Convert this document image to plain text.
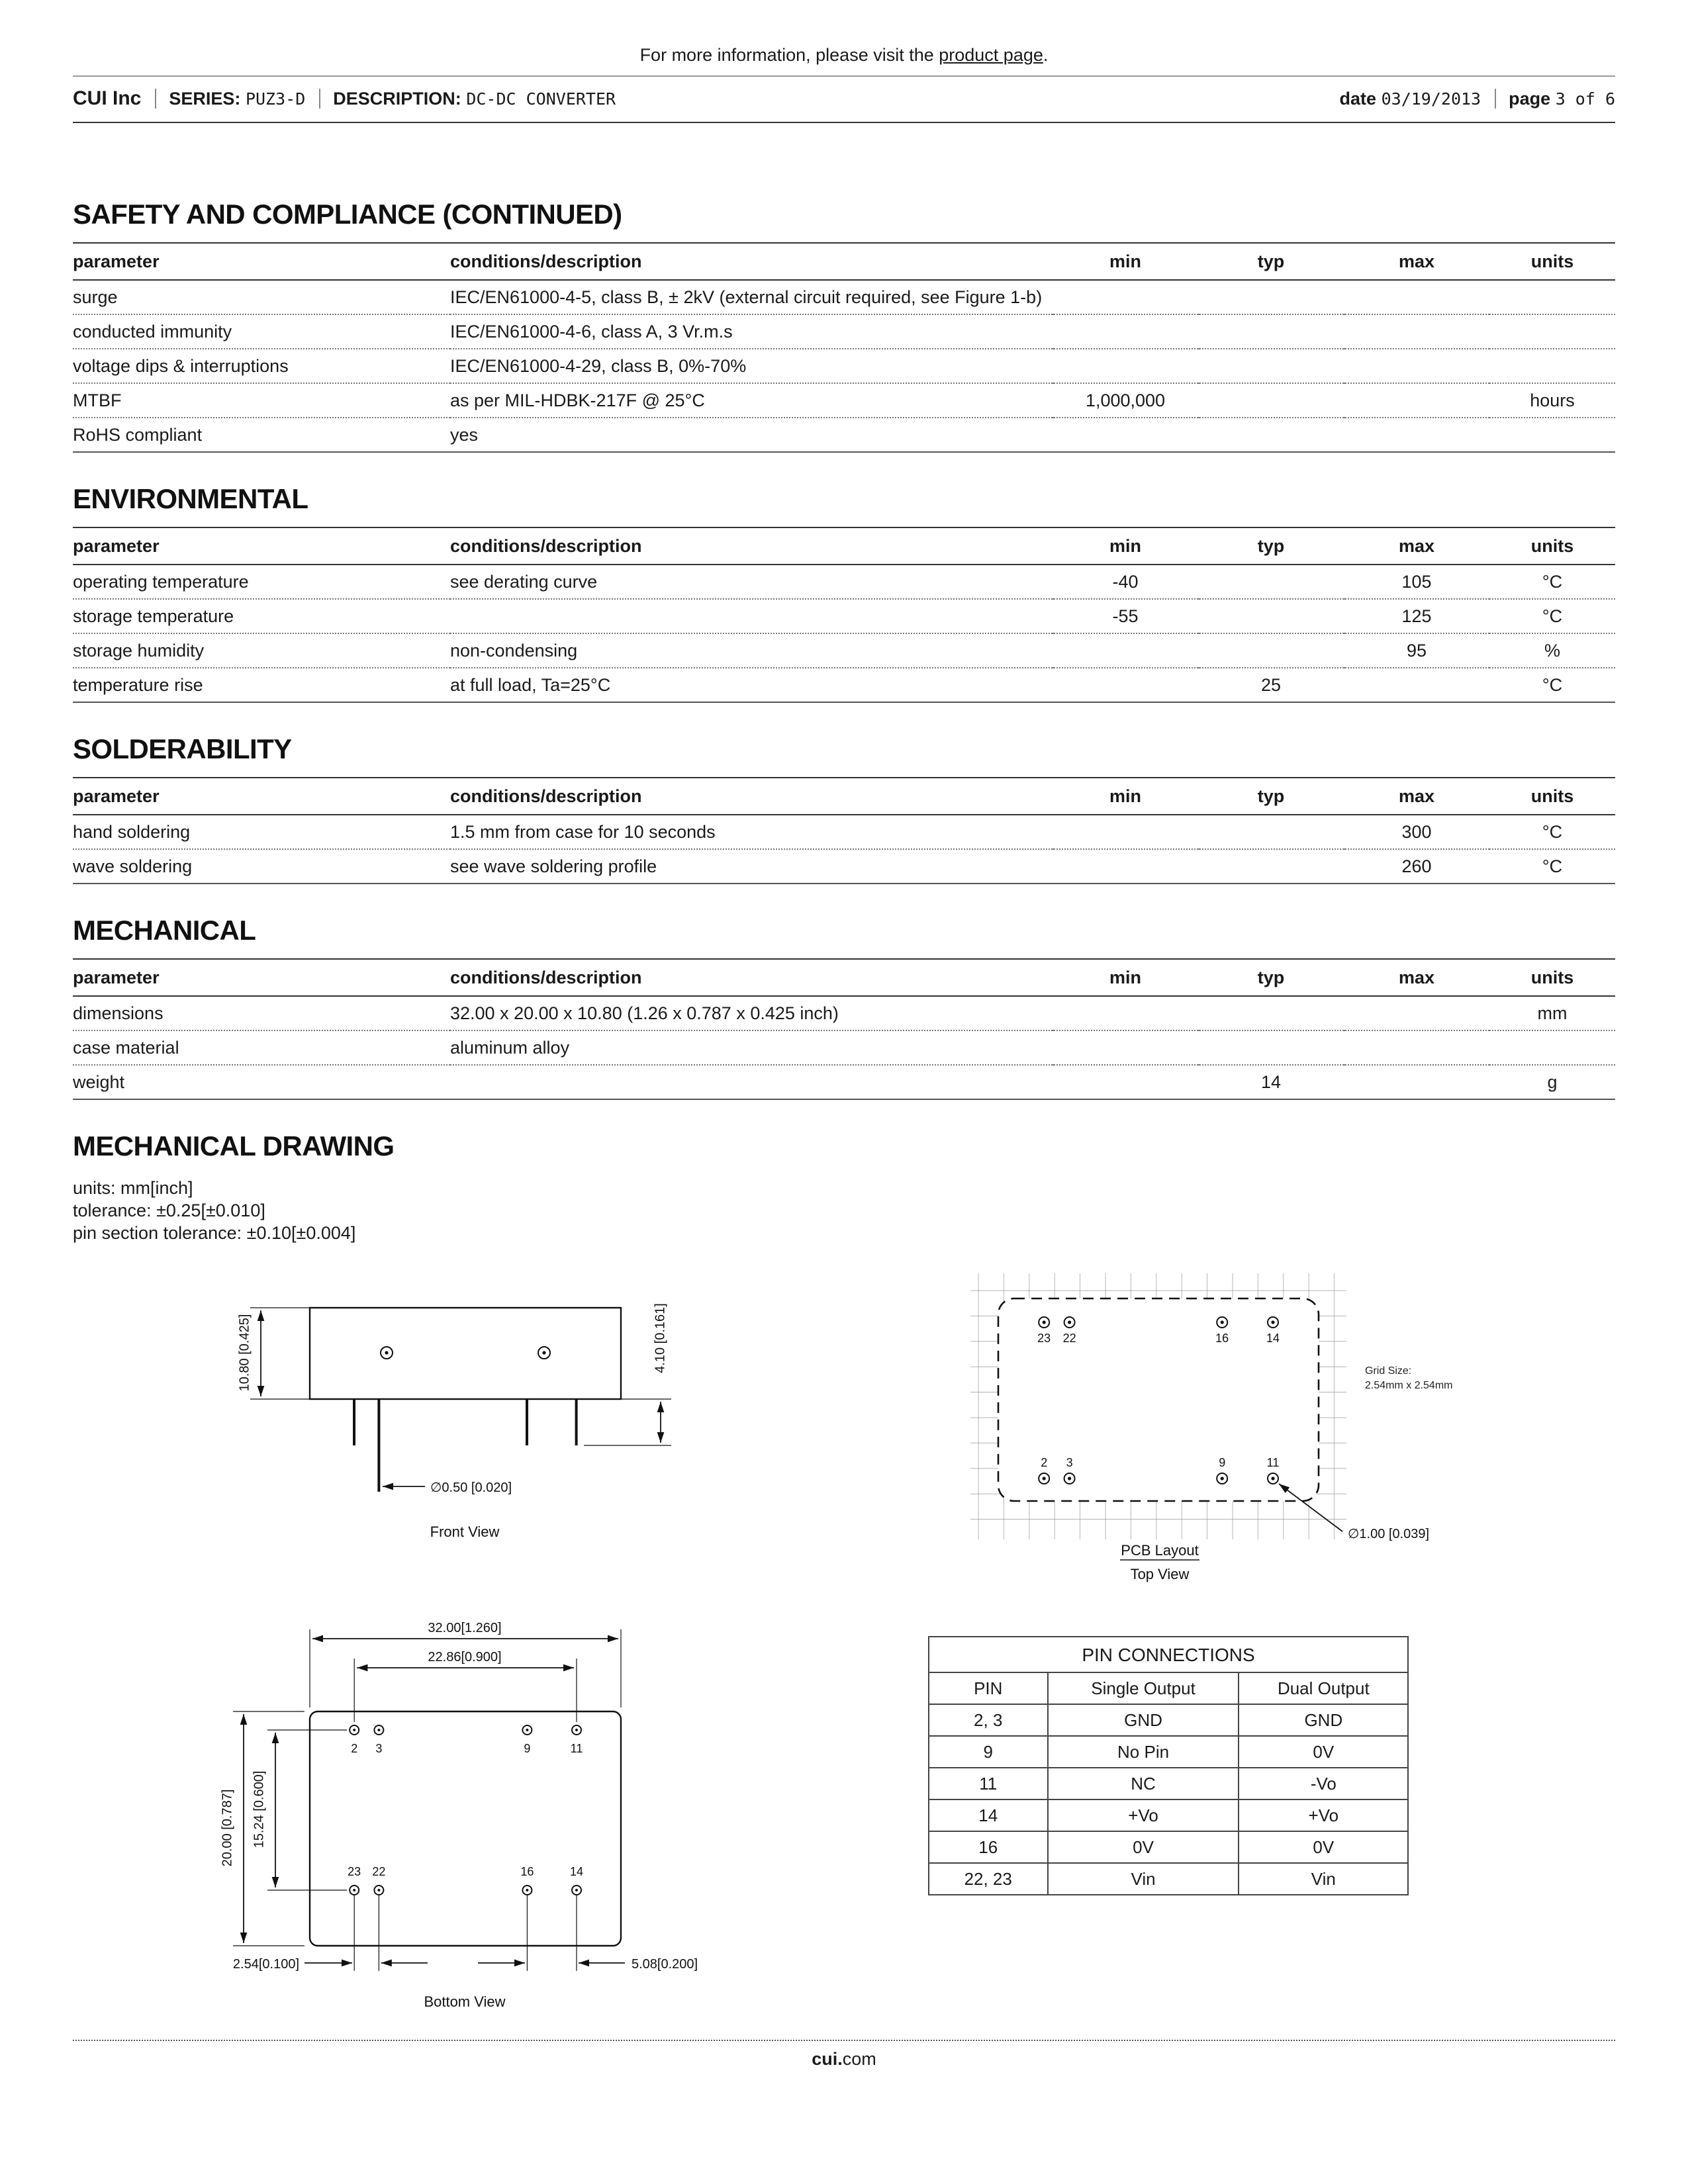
For more information, please visit the product page.
CUI Inc	SERIES: PUZ3-D	DESCRIPTION: DC-DC CONVERTER	date 03/19/2013	page 3 of 6
SAFETY AND COMPLIANCE (CONTINUED)
parameter	conditions/description	min	typ	max	units
surge	IEC/EN61000-4-5, class B, ± 2kV (external circuit required, see Figure 1-b)				
conducted immunity	IEC/EN61000-4-6, class A, 3 Vr.m.s				
voltage dips & interruptions	IEC/EN61000-4-29, class B, 0%-70%				
MTBF	as per MIL-HDBK-217F @ 25°C	1,000,000			hours
RoHS compliant	yes				
ENVIRONMENTAL
parameter	conditions/description	min	typ	max	units
operating temperature	see derating curve	-40		105	°C
storage temperature		-55		125	°C
storage humidity	non-condensing			95	%
temperature rise	at full load, Ta=25°C		25		°C
SOLDERABILITY
parameter	conditions/description	min	typ	max	units
hand soldering	1.5 mm from case for 10 seconds			300	°C
wave soldering	see wave soldering profile			260	°C
MECHANICAL
parameter	conditions/description	min	typ	max	units
dimensions	32.00 x 20.00 x 10.80 (1.26 x 0.787 x 0.425 inch)				mm
case material	aluminum alloy				
weight			14		g
MECHANICAL DRAWING
units: mm[inch]
tolerance: ±0.25[±0.010]
pin section tolerance: ±0.10[±0.004]
10.80 [0.425]	4.10 [0.161]
∅0.50 [0.020]
Front View
23 22	16	14
2	3	9	11
Grid Size:
2.54mm x 2.54mm
∅1.00 [0.039]
PCB Layout
Top View
2	3	9	11
23 22	16	14
32.00[1.260]
22.86[0.900]
20.00 [0.787]	15.24 [0.600]
2.54[0.100]	5.08[0.200]
Bottom View
PIN CONNECTIONS		
PIN	Single Output	Dual Output
2, 3	GND	GND
9	No Pin	0V
11	NC	-Vo
14	+Vo	+Vo
16	0V	0V
22, 23	Vin	Vin
cui.com
